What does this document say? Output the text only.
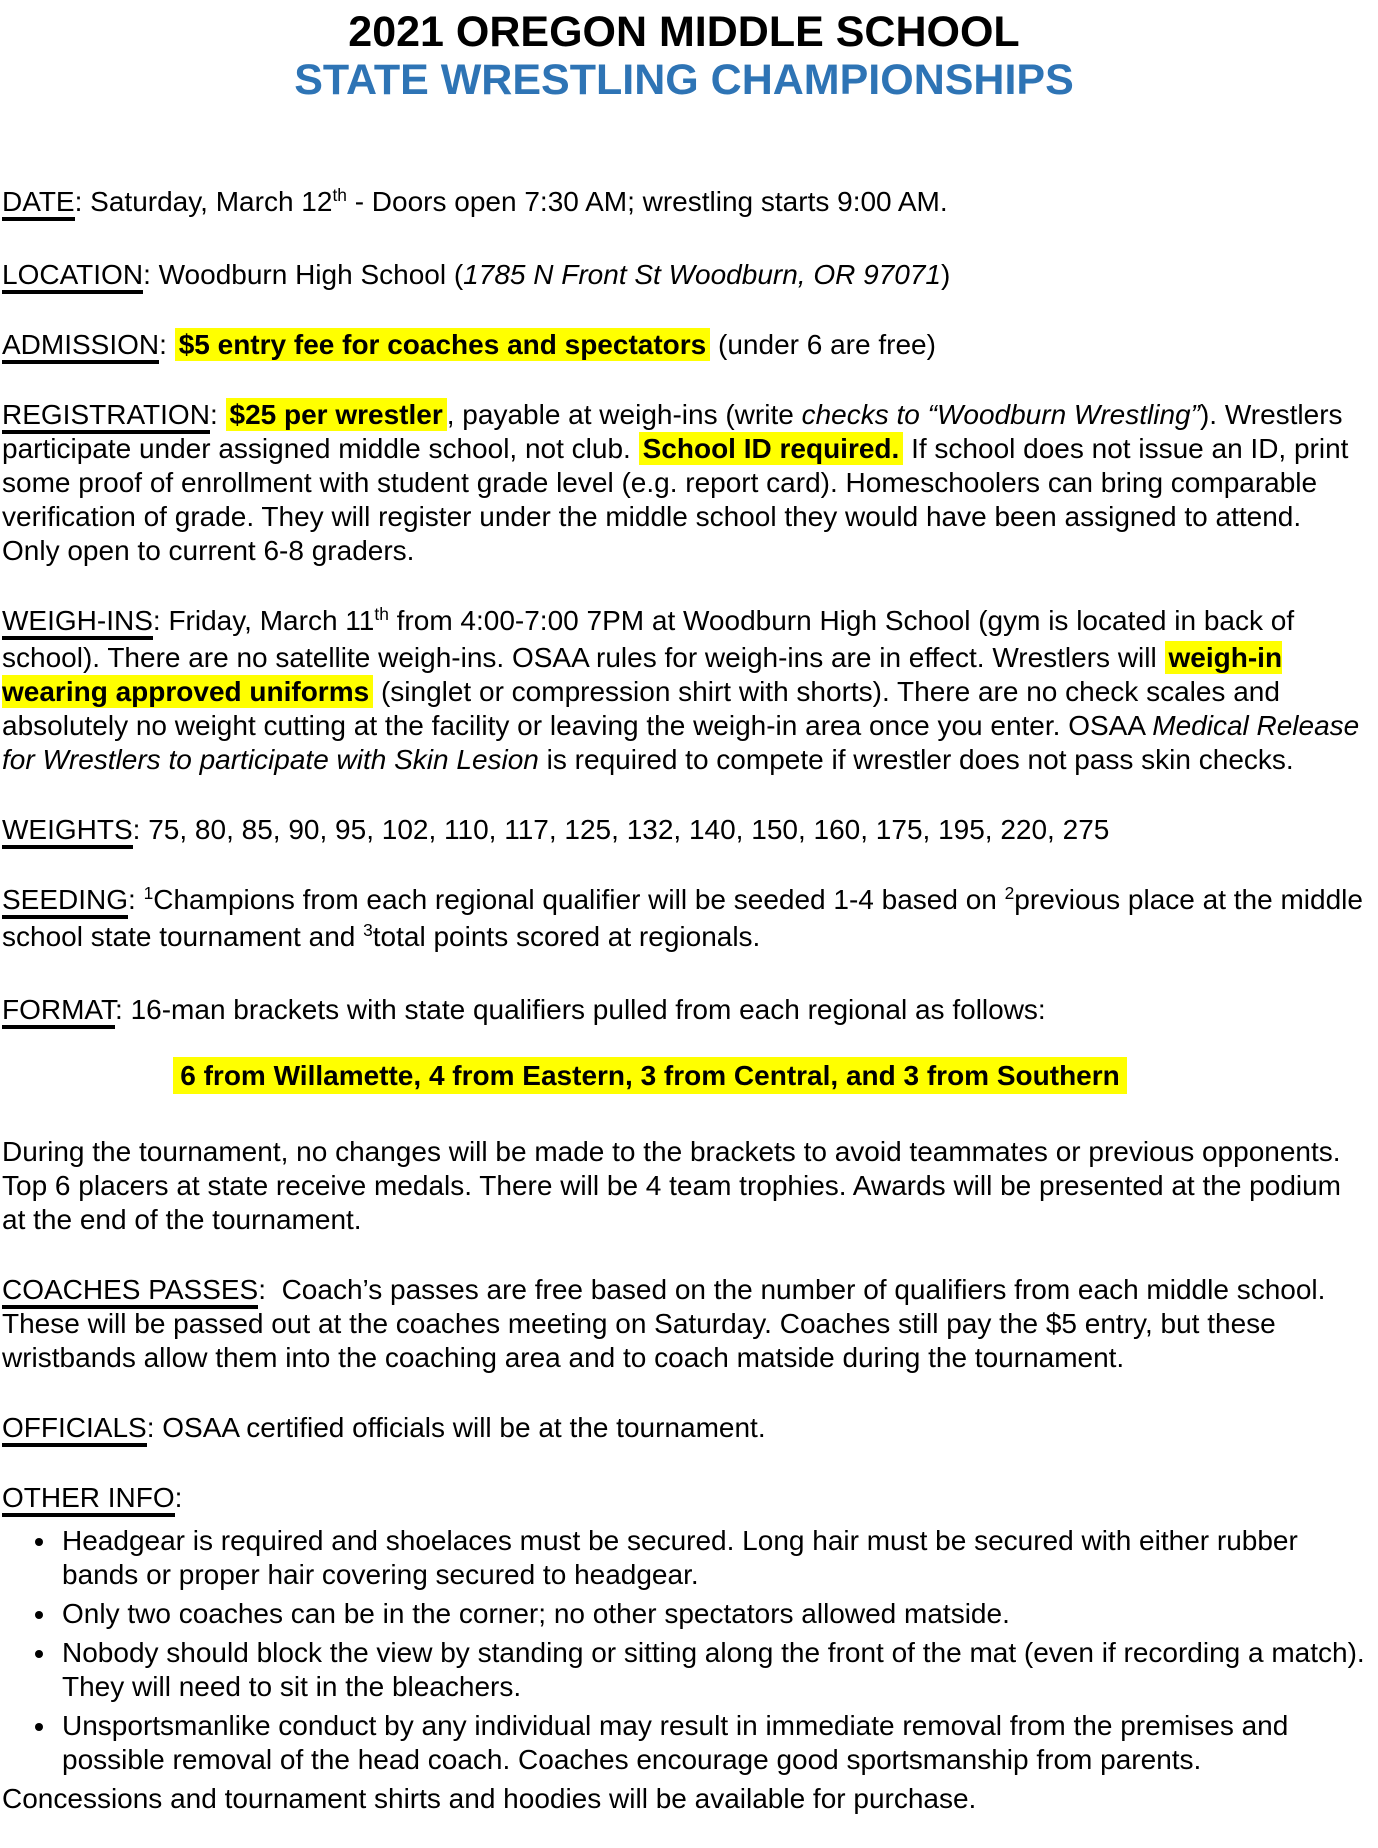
2021 OREGON MIDDLE SCHOOL
STATE WRESTLING CHAMPIONSHIPS

DATE: Saturday, March 12th - Doors open 7:30 AM; wrestling starts 9:00 AM.

LOCATION: Woodburn High School (1785 N Front St Woodburn, OR 97071)

ADMISSION: $5 entry fee for coaches and spectators (under 6 are free)

REGISTRATION: $25 per wrestler , payable at weigh-ins (write checks to “Woodburn Wrestling”). Wrestlers participate under assigned middle school, not club. School ID required. If school does not issue an ID, print some proof of enrollment with student grade level (e.g. report card). Homeschoolers can bring comparable verification of grade. They will register under the middle school they would have been assigned to attend. Only open to current 6-8 graders.

WEIGH-INS: Friday, March 11th from 4:00-7:00 7PM at Woodburn High School (gym is located in back of school). There are no satellite weigh-ins. OSAA rules for weigh-ins are in effect. Wrestlers will weigh-in wearing approved uniforms (singlet or compression shirt with shorts). There are no check scales and absolutely no weight cutting at the facility or leaving the weigh-in area once you enter. OSAA Medical Release for Wrestlers to participate with Skin Lesion is required to compete if wrestler does not pass skin checks.

WEIGHTS: 75, 80, 85, 90, 95, 102, 110, 117, 125, 132, 140, 150, 160, 175, 195, 220, 275

SEEDING: $^1$Champions from each regional qualifier will be seeded 1-4 based on $^2$previous place at the middle school state tournament and $^3$total points scored at regionals.

FORMAT: 16-man brackets with state qualifiers pulled from each regional as follows:

6 from Willamette, 4 from Eastern, 3 from Central, and 3 from Southern

During the tournament, no changes will be made to the brackets to avoid teammates or previous opponents. Top 6 placers at state receive medals. There will be 4 team trophies. Awards will be presented at the podium at the end of the tournament.

COACHES PASSES:  Coach’s passes are free based on the number of qualifiers from each middle school. These will be passed out at the coaches meeting on Saturday. Coaches still pay the $5 entry, but these wristbands allow them into the coaching area and to coach matside during the tournament.

OFFICIALS: OSAA certified officials will be at the tournament.

OTHER INFO:

• Headgear is required and shoelaces must be secured. Long hair must be secured with either rubber bands or proper hair covering secured to headgear.
• Only two coaches can be in the corner; no other spectators allowed matside.
• Nobody should block the view by standing or sitting along the front of the mat (even if recording a match). They will need to sit in the bleachers.
• Unsportsmanlike conduct by any individual may result in immediate removal from the premises and possible removal of the head coach. Coaches encourage good sportsmanship from parents.

Concessions and tournament shirts and hoodies will be available for purchase.
